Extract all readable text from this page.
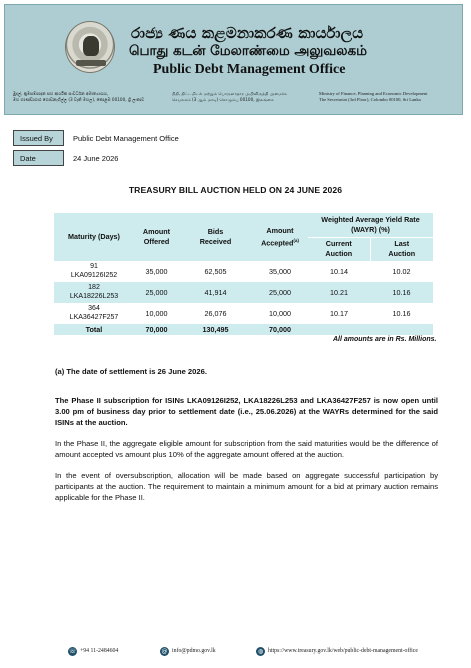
රාජ්‍ය ණය කළමනාකරණ කාර්යාලය
பொது கடன் மேலாண்மை அலுவலகம்
Public Debt Management Office
මුදල්, ක්‍රමසම්පාදන සහ ආර්ථික සංවර්ධන අමාත්‍යාංශය,
මහ භාණ්ඩාගාර ගොඩනැගිල්ල (3 වැනි මහල), කොළඹ 00100, ශ්‍රී ලංකාව
நிதி, திட்டமிடல் மற்றும் பொருளாதார அபிவிருத்தி அமைச்சு
செயலகம் (3 ஆம் மாடி) கொழும்பு 00100, இலங்கை
Ministry of Finance, Planning and Economic Development
The Secretariat (3rd Floor), Colombo 00100, Sri Lanka
Issued By	Public Debt Management Office
Date	24 June 2026
TREASURY BILL AUCTION HELD ON 24 JUNE 2026
Maturity (Days)	Amount Offered	Bids Received	Amount Accepted$^{(a)}$	Weighted Average Yield Rate (WAYR) (%)	
				Current Auction	Last Auction

91
LKA09126I252	35,000	62,505	35,000	10.14	10.02

182
LKA18226L253	25,000	41,914	25,000	10.21	10.16

364
LKA36427F257	10,000	26,076	10,000	10.17	10.16
Total	70,000	130,495	70,000		
All amounts are in Rs. Millions.
(a) The date of settlement is 26 June 2026.
The Phase II subscription for ISINs LKA09126I252, LKA18226L253 and LKA36427F257 is now open until 3.00 pm of business day prior to settlement date (i.e., 25.06.2026) at the WAYRs determined for the said ISINs at the auction.
In the Phase II, the aggregate eligible amount for subscription from the said maturities would be the difference of amount accepted vs amount plus 10% of the aggregate amount offered at the auction.
In the event of oversubscription, allocation will be made based on aggregate successful participation by participants at the auction. The requirement to maintain a minimum amount for a bid at primary auction remains applicable for the Phase II.
☏ +94 11-2484604	@ info@pdmo.gov.lk	◍ https://www.treasury.gov.lk/web/public-debt-management-office
